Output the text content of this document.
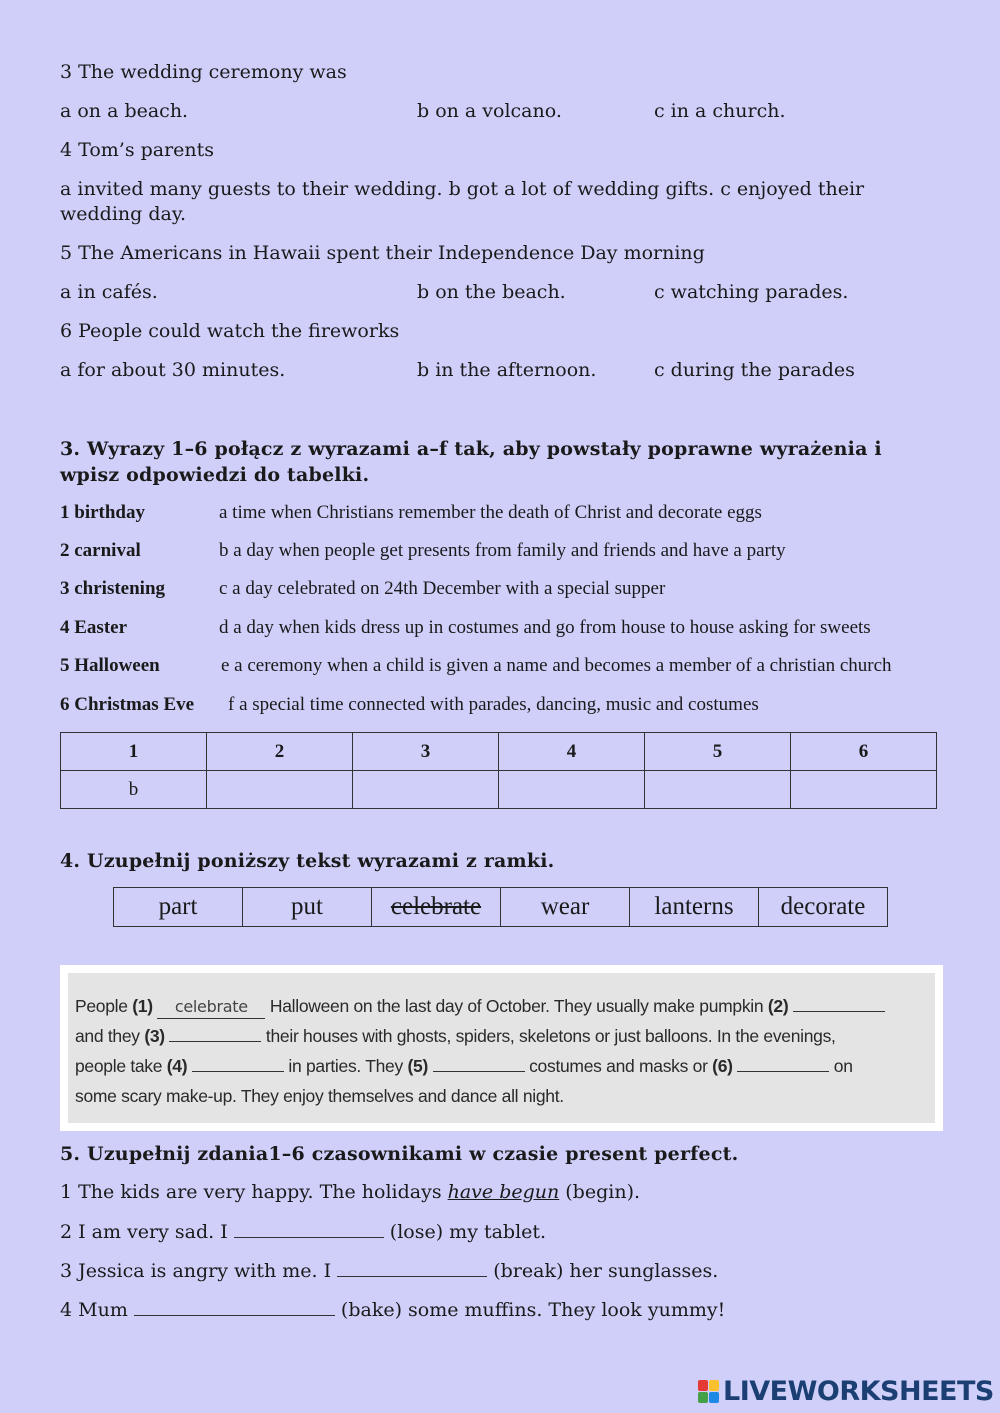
3 The wedding ceremony was
a on a beach.	b on a volcano.	c in a church.
4 Tom’s parents
a invited many guests to their wedding. b got a lot of wedding gifts. c enjoyed their wedding day.
5 The Americans in Hawaii spent their Independence Day morning
a in cafés.	b on the beach.	c watching parades.
6 People could watch the fireworks
a for about 30 minutes.	b in the afternoon.	c during the parades
3. Wyrazy 1–6 połącz z wyrazami a–f tak, aby powstały poprawne wyrażenia i wpisz odpowiedzi do tabelki.
1 birthday	a time when Christians remember the death of Christ and decorate eggs
2 carnival	b a day when people get presents from family and friends and have a party
3 christening	c a day celebrated on 24th December with a special supper
4 Easter	d a day when kids dress up in costumes and go from house to house asking for sweets
5 Halloween	e a ceremony when a child is given a name and becomes a member of a christian church
6 Christmas Eve f a special time connected with parades, dancing, music and costumes
1	2	3	4	5	6
b					
4. Uzupełnij poniższy tekst wyrazami z ramki.
part	put	celebrate	wear	lanterns	decorate
People (1) celebrate Halloween on the last day of October. They usually make pumpkin (2)
and they (3)	their houses with ghosts, spiders, skeletons or just balloons. In the evenings,
people take (4)	in parties. They (5)	costumes and masks or (6)	on
some scary make-up. They enjoy themselves and dance all night.
5. Uzupełnij zdania1–6 czasownikami w czasie present perfect.
1 The kids are very happy. The holidays have begun (begin).
2 I am very sad. I	(lose) my tablet.
3 Jessica is angry with me. I	(break) her sunglasses.
4 Mum	(bake) some muffins. They look yummy!
LIVEWORKSHEETS
